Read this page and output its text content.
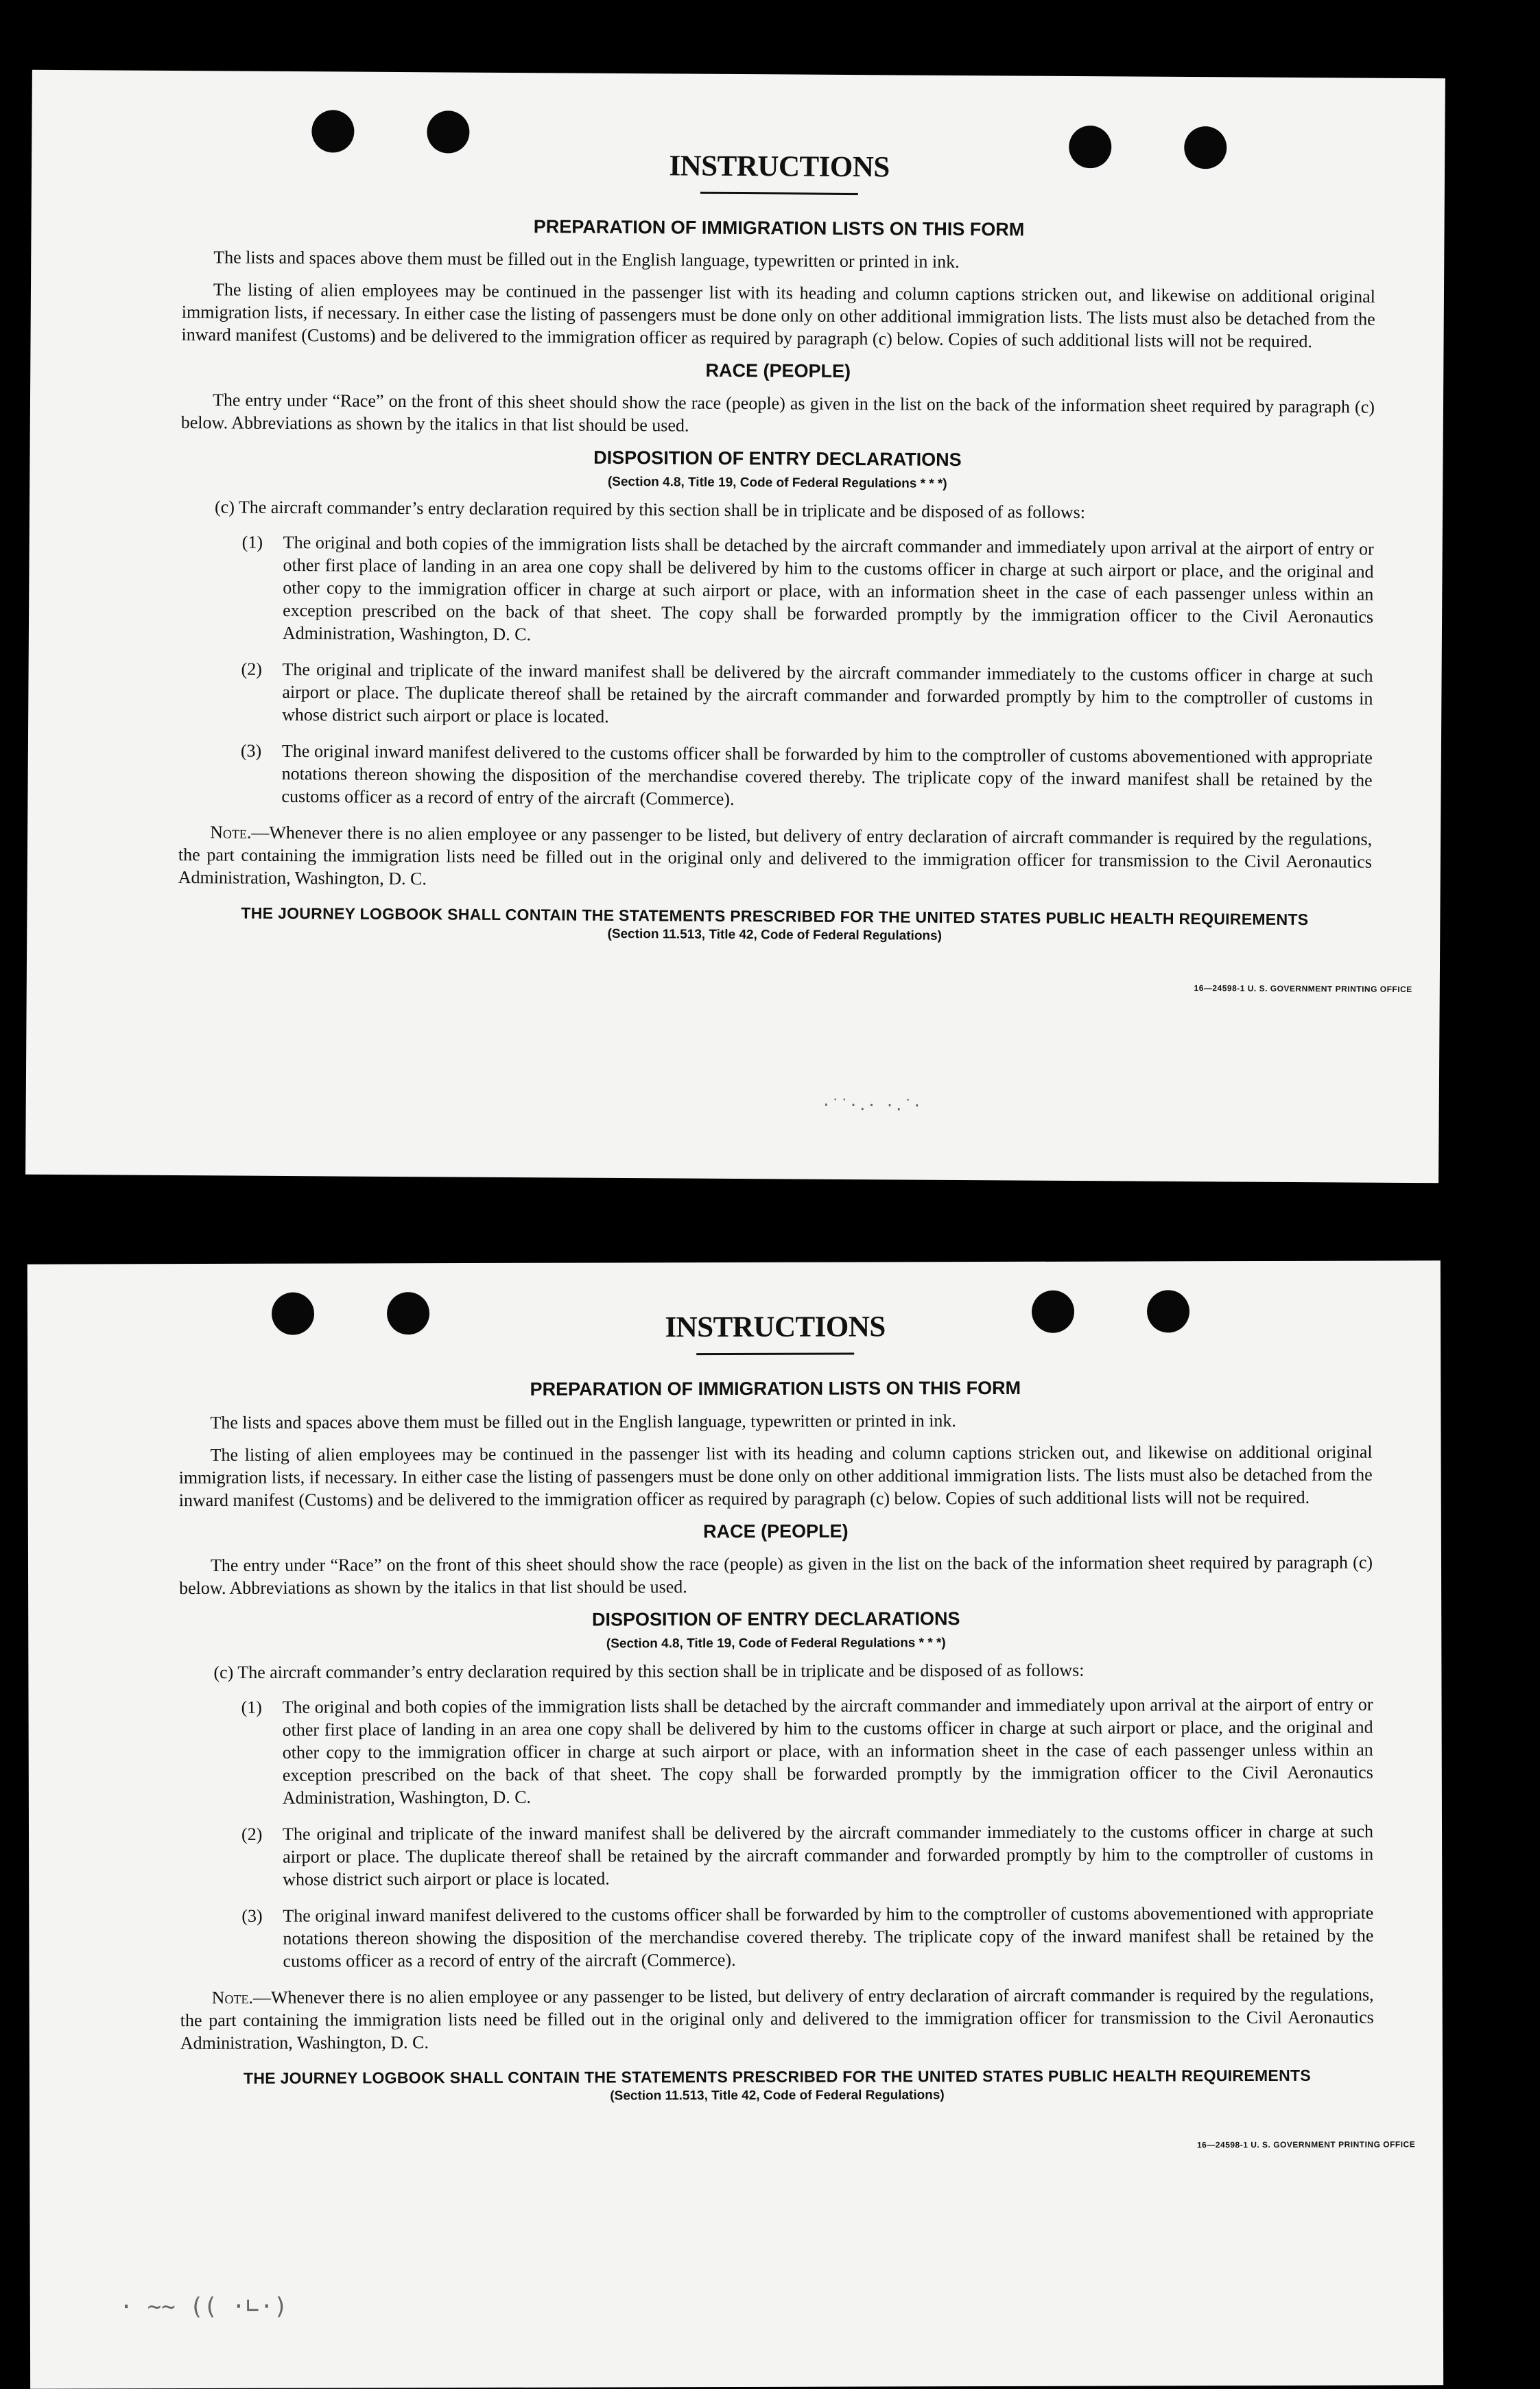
·˙˙·.· ·.˙·
INSTRUCTIONS
PREPARATION OF IMMIGRATION LISTS ON THIS FORM

The lists and spaces above them must be filled out in the English language, typewritten or printed in ink.

The listing of alien employees may be continued in the passenger list with its heading and column captions stricken out, and likewise on additional original immigration lists, if necessary. In either case the listing of passengers must be done only on other additional immigration lists. The lists must also be detached from the inward manifest (Customs) and be delivered to the immigration officer as required by paragraph (c) below. Copies of such additional lists will not be required.

RACE (PEOPLE)

The entry under “Race” on the front of this sheet should show the race (people) as given in the list on the back of the information sheet required by paragraph (c) below. Abbreviations as shown by the italics in that list should be used.

DISPOSITION OF ENTRY DECLARATIONS
(Section 4.8, Title 19, Code of Federal Regulations * * *)

(c) The aircraft commander’s entry declaration required by this section shall be in triplicate and be disposed of as follows:

(1) The original and both copies of the immigration lists shall be detached by the aircraft commander and immediately upon arrival at the airport of entry or other first place of landing in an area one copy shall be delivered by him to the customs officer in charge at such airport or place, and the original and other copy to the immigration officer in charge at such airport or place, with an information sheet in the case of each passenger unless within an exception prescribed on the back of that sheet. The copy shall be forwarded promptly by the immigration officer to the Civil Aeronautics Administration, Washington, D. C.
(2) The original and triplicate of the inward manifest shall be delivered by the aircraft commander immediately to the customs officer in charge at such airport or place. The duplicate thereof shall be retained by the aircraft commander and forwarded promptly by him to the comptroller of customs in whose district such airport or place is located.
(3) The original inward manifest delivered to the customs officer shall be forwarded by him to the comptroller of customs abovementioned with appropriate notations thereon showing the disposition of the merchandise covered thereby. The triplicate copy of the inward manifest shall be retained by the customs officer as a record of entry of the aircraft (Commerce).

Note.—Whenever there is no alien employee or any passenger to be listed, but delivery of entry declaration of aircraft commander is required by the regulations, the part containing the immigration lists need be filled out in the original only and delivered to the immigration officer for transmission to the Civil Aeronautics Administration, Washington, D. C.

THE JOURNEY LOGBOOK SHALL CONTAIN THE STATEMENTS PRESCRIBED FOR THE UNITED STATES PUBLIC HEALTH REQUIREMENTS
(Section 11.513, Title 42, Code of Federal Regulations)
16—24598-1 U. S. GOVERNMENT PRINTING OFFICE
· ~~ (( ·∟·)
INSTRUCTIONS
PREPARATION OF IMMIGRATION LISTS ON THIS FORM

The lists and spaces above them must be filled out in the English language, typewritten or printed in ink.

The listing of alien employees may be continued in the passenger list with its heading and column captions stricken out, and likewise on additional original immigration lists, if necessary. In either case the listing of passengers must be done only on other additional immigration lists. The lists must also be detached from the inward manifest (Customs) and be delivered to the immigration officer as required by paragraph (c) below. Copies of such additional lists will not be required.

RACE (PEOPLE)

The entry under “Race” on the front of this sheet should show the race (people) as given in the list on the back of the information sheet required by paragraph (c) below. Abbreviations as shown by the italics in that list should be used.

DISPOSITION OF ENTRY DECLARATIONS
(Section 4.8, Title 19, Code of Federal Regulations * * *)

(c) The aircraft commander’s entry declaration required by this section shall be in triplicate and be disposed of as follows:

(1) The original and both copies of the immigration lists shall be detached by the aircraft commander and immediately upon arrival at the airport of entry or other first place of landing in an area one copy shall be delivered by him to the customs officer in charge at such airport or place, and the original and other copy to the immigration officer in charge at such airport or place, with an information sheet in the case of each passenger unless within an exception prescribed on the back of that sheet. The copy shall be forwarded promptly by the immigration officer to the Civil Aeronautics Administration, Washington, D. C.
(2) The original and triplicate of the inward manifest shall be delivered by the aircraft commander immediately to the customs officer in charge at such airport or place. The duplicate thereof shall be retained by the aircraft commander and forwarded promptly by him to the comptroller of customs in whose district such airport or place is located.
(3) The original inward manifest delivered to the customs officer shall be forwarded by him to the comptroller of customs abovementioned with appropriate notations thereon showing the disposition of the merchandise covered thereby. The triplicate copy of the inward manifest shall be retained by the customs officer as a record of entry of the aircraft (Commerce).

Note.—Whenever there is no alien employee or any passenger to be listed, but delivery of entry declaration of aircraft commander is required by the regulations, the part containing the immigration lists need be filled out in the original only and delivered to the immigration officer for transmission to the Civil Aeronautics Administration, Washington, D. C.

THE JOURNEY LOGBOOK SHALL CONTAIN THE STATEMENTS PRESCRIBED FOR THE UNITED STATES PUBLIC HEALTH REQUIREMENTS
(Section 11.513, Title 42, Code of Federal Regulations)
16—24598-1 U. S. GOVERNMENT PRINTING OFFICE
